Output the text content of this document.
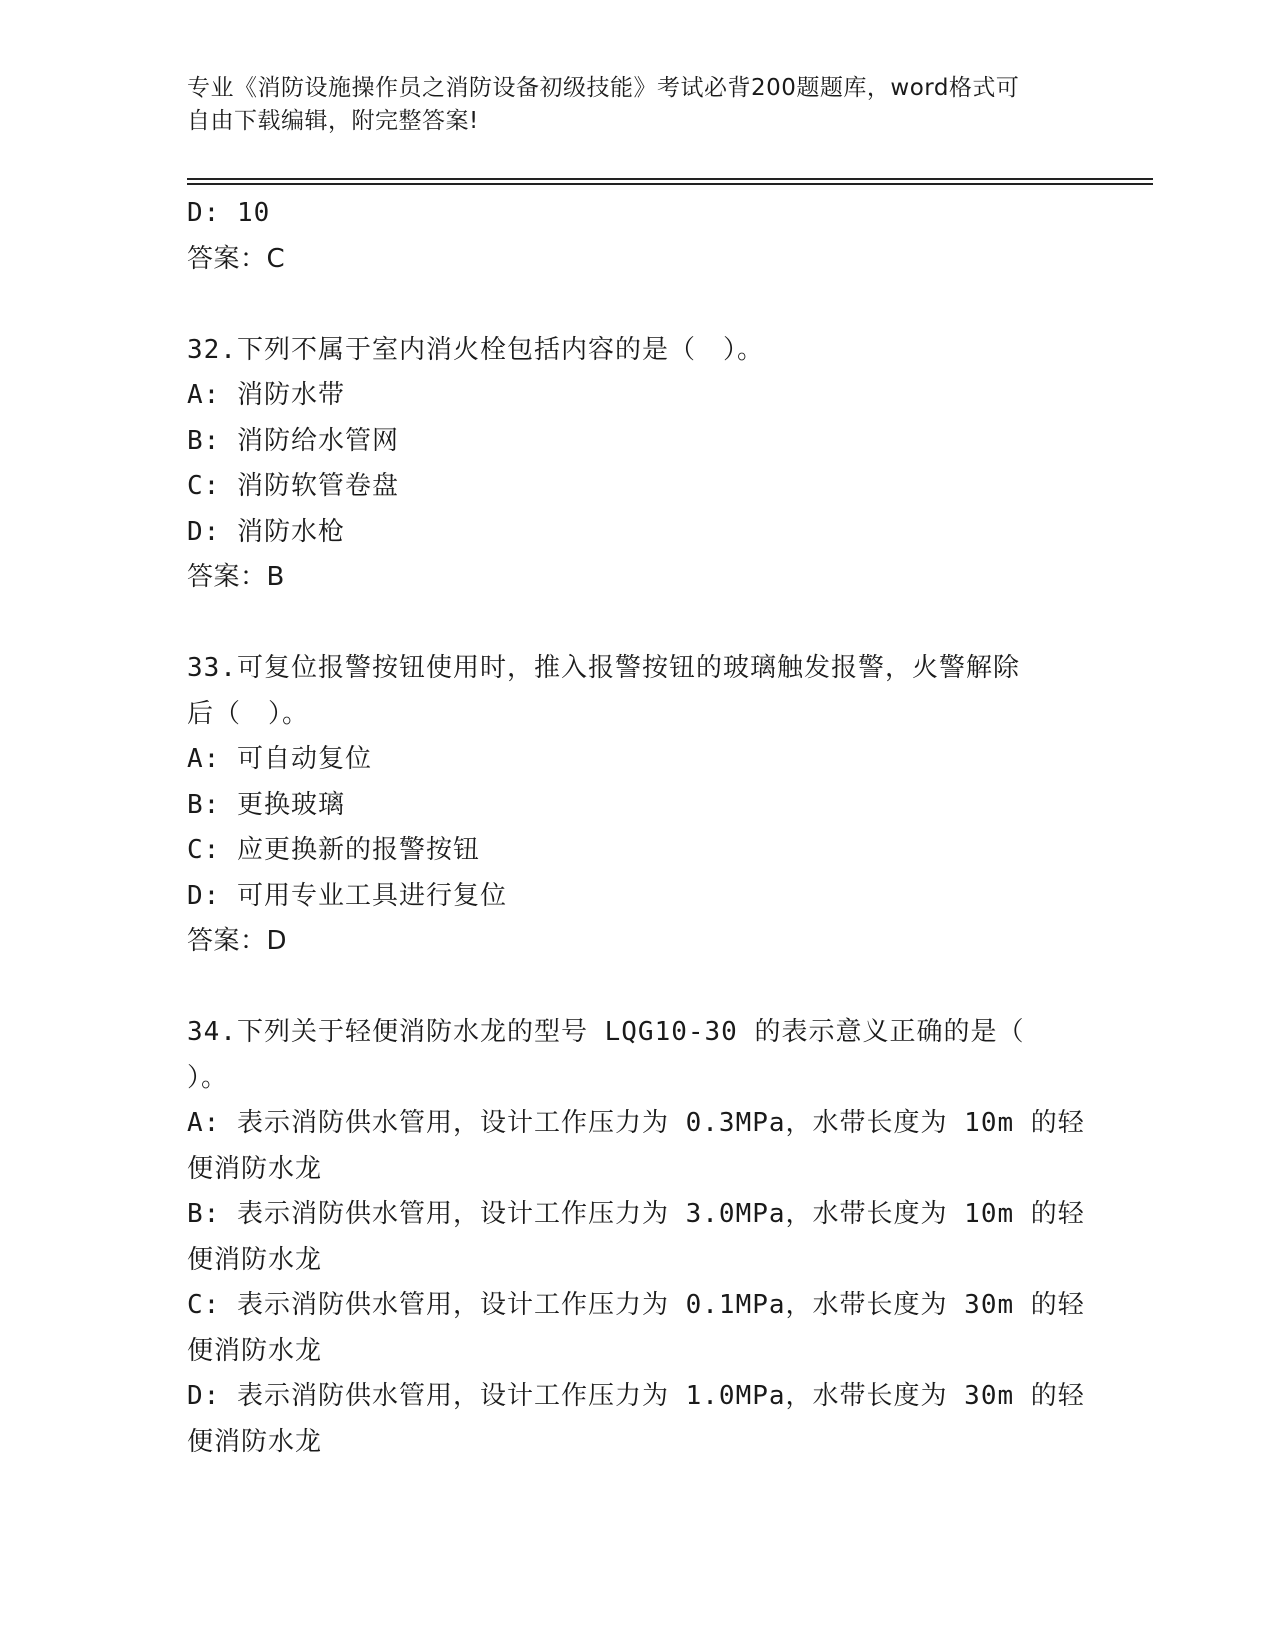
专业《消防设施操作员之消防设备初级技能》考试必背200题题库，word格式可
自由下载编辑，附完整答案!
D: 10
答案：C
32.下列不属于室内消火栓包括内容的是（　）。
A: 消防水带
B: 消防给水管网
C: 消防软管卷盘
D: 消防水枪
答案：B
33.可复位报警按钮使用时，推入报警按钮的玻璃触发报警，火警解除
后（　）。
A: 可自动复位
B: 更换玻璃
C: 应更换新的报警按钮
D: 可用专业工具进行复位
答案：D
34.下列关于轻便消防水龙的型号 LQG10-30 的表示意义正确的是（
）。
A: 表示消防供水管用，设计工作压力为 0.3MPa，水带长度为 10m 的轻
便消防水龙
B: 表示消防供水管用，设计工作压力为 3.0MPa，水带长度为 10m 的轻
便消防水龙
C: 表示消防供水管用，设计工作压力为 0.1MPa，水带长度为 30m 的轻
便消防水龙
D: 表示消防供水管用，设计工作压力为 1.0MPa，水带长度为 30m 的轻
便消防水龙
